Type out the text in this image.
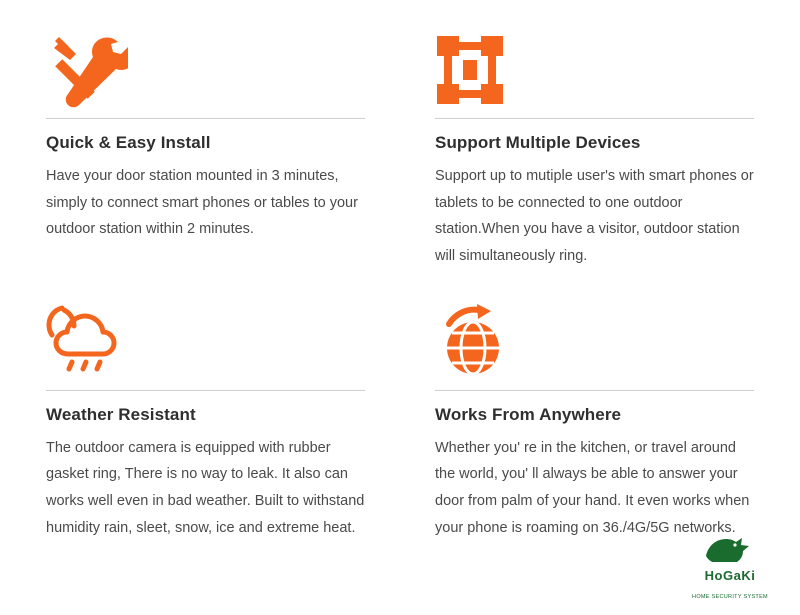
Quick & Easy Install

Have your door station mounted in 3 minutes, simply to connect smart phones or tables to your outdoor station within 2 minutes.

Support Multiple Devices

Support up to mutiple user's with smart phones or tablets to be connected to one outdoor station.When you have a visitor, outdoor station will simultaneously ring.

Weather Resistant

The outdoor camera is equipped with rubber gasket ring, There is no way to leak. It also can works well even in bad weather. Built to withstand humidity rain, sleet, snow, ice and extreme heat.

Works From Anywhere

Whether you' re in the kitchen, or travel around the world, you' ll always be able to answer your door from palm of your hand. It even works when your phone is roaming on 36./4G/5G networks.

HoGaKi HOME SECURITY SYSTEM
